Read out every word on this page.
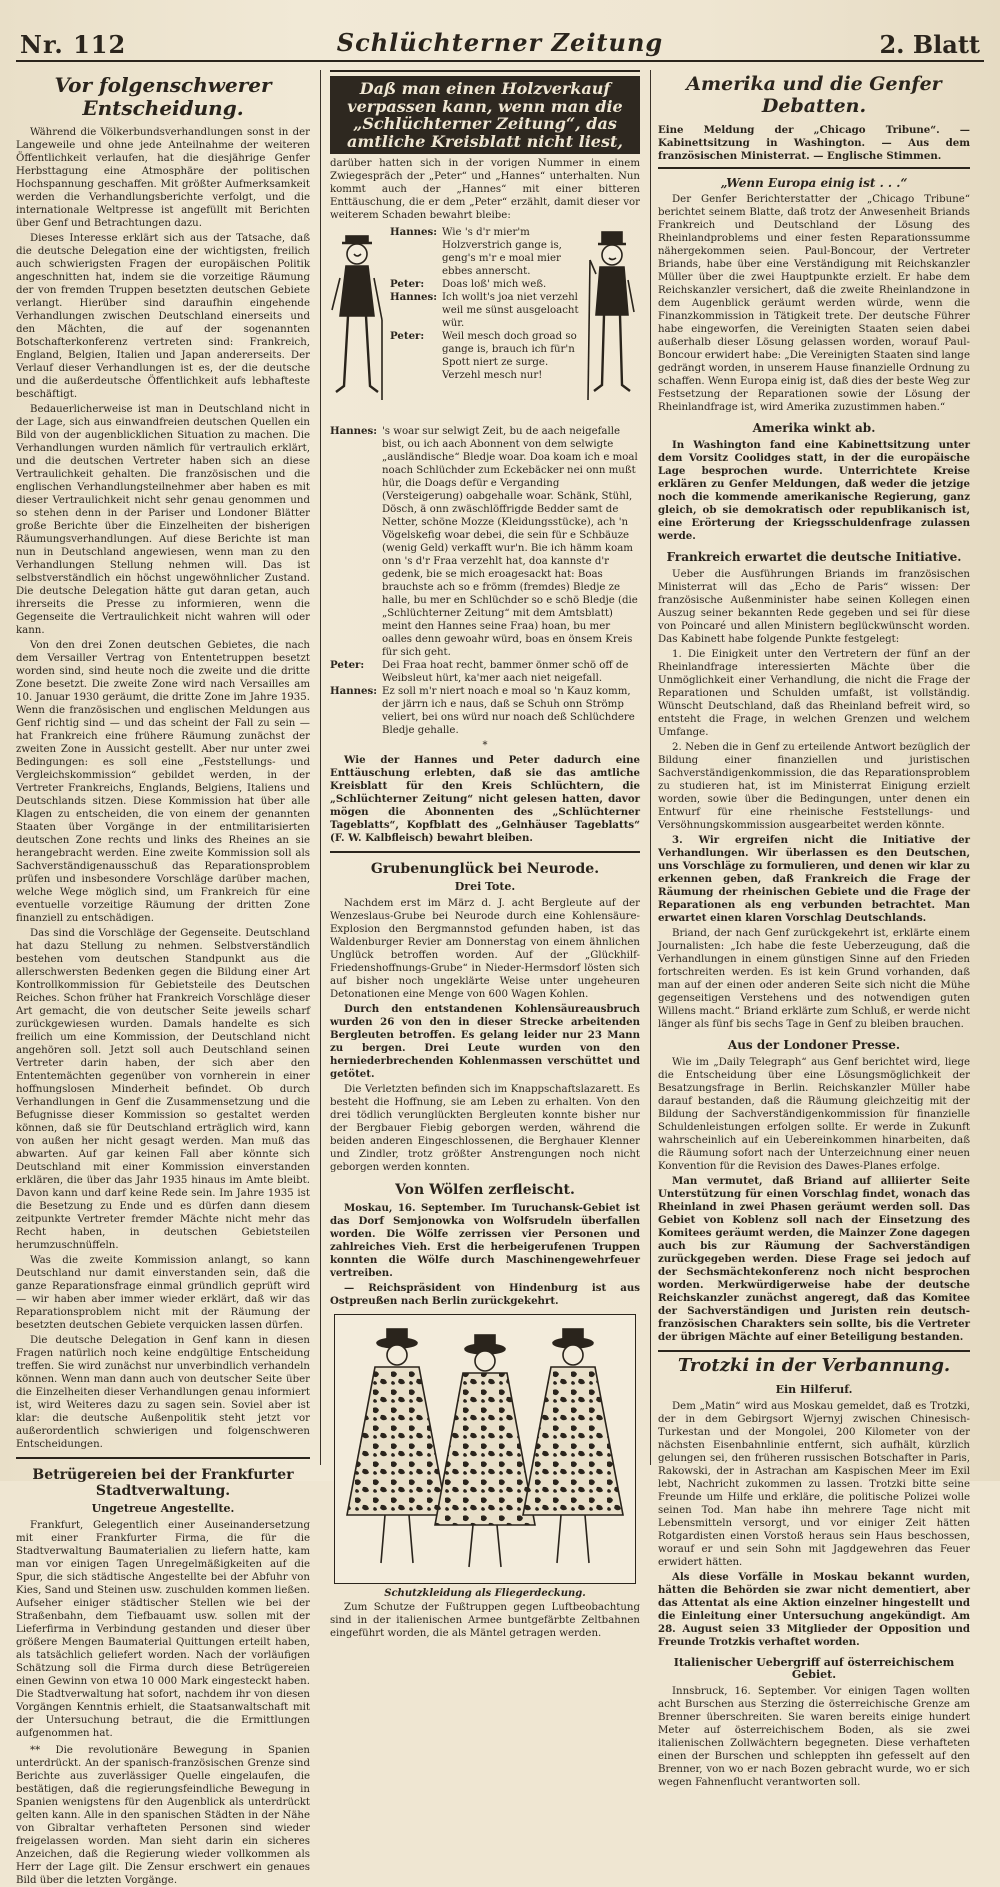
Nr. 112	Schlüchterner Zeitung	2. Blatt
Vor folgenschwerer Entscheidung.

Während die Völkerbundsverhandlungen sonst in der Langeweile und ohne jede Anteilnahme der weiteren Öffentlichkeit verlaufen, hat die diesjährige Genfer Herbsttagung eine Atmosphäre der politischen Hochspannung geschaffen. Mit größter Aufmerksamkeit werden die Verhandlungsberichte verfolgt, und die internationale Weltpresse ist angefüllt mit Berichten über Genf und Betrachtungen dazu.

Dieses Interesse erklärt sich aus der Tatsache, daß die deutsche Delegation eine der wichtigsten, freilich auch schwierigsten Fragen der europäischen Politik angeschnitten hat, indem sie die vorzeitige Räumung der von fremden Truppen besetzten deutschen Gebiete verlangt. Hierüber sind daraufhin eingehende Verhandlungen zwischen Deutschland einerseits und den Mächten, die auf der sogenannten Botschafterkonferenz vertreten sind: Frankreich, England, Belgien, Italien und Japan andererseits. Der Verlauf dieser Verhandlungen ist es, der die deutsche und die außerdeutsche Öffentlichkeit aufs lebhafteste beschäftigt.

Bedauerlicherweise ist man in Deutschland nicht in der Lage, sich aus einwandfreien deutschen Quellen ein Bild von der augenblicklichen Situation zu machen. Die Verhandlungen wurden nämlich für vertraulich erklärt, und die deutschen Vertreter haben sich an diese Vertraulichkeit gehalten. Die französischen und die englischen Verhandlungsteilnehmer aber haben es mit dieser Vertraulichkeit nicht sehr genau genommen und so stehen denn in der Pariser und Londoner Blätter große Berichte über die Einzelheiten der bisherigen Räumungsverhandlungen. Auf diese Berichte ist man nun in Deutschland angewiesen, wenn man zu den Verhandlungen Stellung nehmen will. Das ist selbstverständlich ein höchst ungewöhnlicher Zustand. Die deutsche Delegation hätte gut daran getan, auch ihrerseits die Presse zu informieren, wenn die Gegenseite die Vertraulichkeit nicht wahren will oder kann.

Von den drei Zonen deutschen Gebietes, die nach dem Versailler Vertrag von Ententetruppen besetzt worden sind, sind heute noch die zweite und die dritte Zone besetzt. Die zweite Zone wird nach Versailles am 10. Januar 1930 geräumt, die dritte Zone im Jahre 1935. Wenn die französischen und englischen Meldungen aus Genf richtig sind — und das scheint der Fall zu sein — hat Frankreich eine frühere Räumung zunächst der zweiten Zone in Aussicht gestellt. Aber nur unter zwei Bedingungen: es soll eine „Feststellungs- und Vergleichskommission“ gebildet werden, in der Vertreter Frankreichs, Englands, Belgiens, Italiens und Deutschlands sitzen. Diese Kommission hat über alle Klagen zu entscheiden, die von einem der genannten Staaten über Vorgänge in der entmilitarisierten deutschen Zone rechts und links des Rheines an sie herangebracht werden. Eine zweite Kommission soll als Sachverständigenausschuß das Reparationsproblem prüfen und insbesondere Vorschläge darüber machen, welche Wege möglich sind, um Frankreich für eine eventuelle vorzeitige Räumung der dritten Zone finanziell zu entschädigen.

Das sind die Vorschläge der Gegenseite. Deutschland hat dazu Stellung zu nehmen. Selbstverständlich bestehen vom deutschen Standpunkt aus die allerschwersten Bedenken gegen die Bildung einer Art Kontrollkommission für Gebietsteile des Deutschen Reiches. Schon früher hat Frankreich Vorschläge dieser Art gemacht, die von deutscher Seite jeweils scharf zurückgewiesen wurden. Damals handelte es sich freilich um eine Kommission, der Deutschland nicht angehören soll. Jetzt soll auch Deutschland seinen Vertreter darin haben, der sich aber den Ententemächten gegenüber von vornherein in einer hoffnungslosen Minderheit befindet. Ob durch Verhandlungen in Genf die Zusammensetzung und die Befugnisse dieser Kommission so gestaltet werden können, daß sie für Deutschland erträglich wird, kann von außen her nicht gesagt werden. Man muß das abwarten. Auf gar keinen Fall aber könnte sich Deutschland mit einer Kommission einverstanden erklären, die über das Jahr 1935 hinaus im Amte bleibt. Davon kann und darf keine Rede sein. Im Jahre 1935 ist die Besetzung zu Ende und es dürfen dann diesem zeitpunkte Vertreter fremder Mächte nicht mehr das Recht haben, in deutschen Gebietsteilen herumzuschnüffeln.

Was die zweite Kommission anlangt, so kann Deutschland nur damit einverstanden sein, daß die ganze Reparationsfrage einmal gründlich geprüft wird — wir haben aber immer wieder erklärt, daß wir das Reparationsproblem nicht mit der Räumung der besetzten deutschen Gebiete verquicken lassen dürfen.

Die deutsche Delegation in Genf kann in diesen Fragen natürlich noch keine endgültige Entscheidung treffen. Sie wird zunächst nur unverbindlich verhandeln können. Wenn man dann auch von deutscher Seite über die Einzelheiten dieser Verhandlungen genau informiert ist, wird Weiteres dazu zu sagen sein. Soviel aber ist klar: die deutsche Außenpolitik steht jetzt vor außerordentlich schwierigen und folgenschweren Entscheidungen.

Betrügereien bei der Frankfurter Stadtverwaltung.
Ungetreue Angestellte.

Frankfurt, Gelegentlich einer Auseinandersetzung mit einer Frankfurter Firma, die für die Stadtverwaltung Baumaterialien zu liefern hatte, kam man vor einigen Tagen Unregelmäßigkeiten auf die Spur, die sich städtische Angestellte bei der Abfuhr von Kies, Sand und Steinen usw. zuschulden kommen ließen. Aufseher einiger städtischer Stellen wie bei der Straßenbahn, dem Tiefbauamt usw. sollen mit der Lieferfirma in Verbindung gestanden und dieser über größere Mengen Baumaterial Quittungen erteilt haben, als tatsächlich geliefert worden. Nach der vorläufigen Schätzung soll die Firma durch diese Betrügereien einen Gewinn von etwa 10 000 Mark eingesteckt haben. Die Stadtverwaltung hat sofort, nachdem ihr von diesen Vorgängen Kenntnis erhielt, die Staatsanwaltschaft mit der Untersuchung betraut, die die Ermittlungen aufgenommen hat.

** Die revolutionäre Bewegung in Spanien unterdrückt. An der spanisch-französischen Grenze sind Berichte aus zuverlässiger Quelle eingelaufen, die bestätigen, daß die regierungsfeindliche Bewegung in Spanien wenigstens für den Augenblick als unterdrückt gelten kann. Alle in den spanischen Städten in der Nähe von Gibraltar verhafteten Personen sind wieder freigelassen worden. Man sieht darin ein sicheres Anzeichen, daß die Regierung wieder vollkommen als Herr der Lage gilt. Die Zensur erschwert ein genaues Bild über die letzten Vorgänge.

Daß man einen Holzverkauf verpassen kann, wenn man die „Schlüchterner Zeitung“, das amtliche Kreisblatt nicht liest,

darüber hatten sich in der vorigen Nummer in einem Zwiegespräch der „Peter“ und „Hannes“ unterhalten. Nun kommt auch der „Hannes“ mit einer bitteren Enttäuschung, die er dem „Peter“ erzählt, damit dieser vor weiterem Schaden bewahrt bleibe:

Hannes: Wie 's d'r mier'm Holzverstrich gange is, geng's m'r e moal mier ebbes annerscht.
Peter:	Doas loß' mich weß.
Hannes: Ich wollt's joa niet verzehl weil me sünst ausgeloacht wür.
Peter:	Weil mesch doch groad so gange is, brauch ich für'n Spott niert ze surge. Verzehl mesch nur!
Hannes: 's woar sur selwigt Zeit, bu de aach neigefalle bist, ou ich aach Abonnent von dem selwigte „ausländische“ Bledje woar. Doa koam ich e moal noach Schlüchder zum Eckebäcker nei onn mußt hür, die Doags defür e Verganding (Versteigerung) oabgehalle woar. Schänk, Stühl, Dösch, ä onn zwäschlöffrigde Bedder samt de Netter, schöne Mozze (Kleidungsstücke), ach 'n Vögelskefig woar debei, die sein für e Schbäuze (wenig Geld) verkafft wur'n. Bie ich hämm koam onn 's d'r Fraa verzehlt hat, doa kannste d'r gedenk, bie se mich eroagesackt hat: Boas brauchste ach so e frömm (fremdes) Bledje ze halle, bu mer en Schlüchder so e schö Bledje (die „Schlüchterner Zeitung“ mit dem Amtsblatt) meint den Hannes seine Fraa) hoan, bu mer oalles denn gewoahr würd, boas en önsem Kreis für sich geht.
Peter:	Dei Fraa hoat recht, bammer önmer schö off de Weibsleut hürt, ka'mer aach niet neigefall.
Hannes: Ez soll m'r niert noach e moal so 'n Kauz komm, der järrn ich e naus, daß se Schuh onn Strömp veliert, bei ons würd nur noach deß Schlüchdere Bledje gehalle.
*

Wie der Hannes und Peter dadurch eine Enttäuschung erlebten, daß sie das amtliche Kreisblatt für den Kreis Schlüchtern, die „Schlüchterner Zeitung“ nicht gelesen hatten, davor mögen die Abonnenten des „Schlüchterner Tageblatts“, Kopfblatt des „Gelnhäuser Tageblatts“ (F. W. Kalbfleisch) bewahrt bleiben.

Grubenunglück bei Neurode.
Drei Tote.

Nachdem erst im März d. J. acht Bergleute auf der Wenzeslaus-Grube bei Neurode durch eine Kohlensäure-Explosion den Bergmannstod gefunden haben, ist das Waldenburger Revier am Donnerstag von einem ähnlichen Unglück betroffen worden. Auf der „Glückhilf-Friedenshoffnungs-Grube“ in Nieder-Hermsdorf lösten sich auf bisher noch ungeklärte Weise unter ungeheuren Detonationen eine Menge von 600 Wagen Kohlen.

Durch den entstandenen Kohlensäureausbruch wurden 26 von den in dieser Strecke arbeitenden Bergleuten betroffen. Es gelang leider nur 23 Mann zu bergen. Drei Leute wurden von den herniederbrechenden Kohlenmassen verschüttet und getötet.

Die Verletzten befinden sich im Knappschaftslazarett. Es besteht die Hoffnung, sie am Leben zu erhalten. Von den drei tödlich verunglückten Bergleuten konnte bisher nur der Bergbauer Fiebig geborgen werden, während die beiden anderen Eingeschlossenen, die Berghauer Klenner und Zindler, trotz größter Anstrengungen noch nicht geborgen werden konnten.

Von Wölfen zerfleischt.

Moskau, 16. September. Im Turuchansk-Gebiet ist das Dorf Semjonowka von Wolfsrudeln überfallen worden. Die Wölfe zerrissen vier Personen und zahlreiches Vieh. Erst die herbeigerufenen Truppen konnten die Wölfe durch Maschinengewehrfeuer vertreiben.

— Reichspräsident von Hindenburg ist aus Ostpreußen nach Berlin zurückgekehrt.

Schutzkleidung als Fliegerdeckung.

Zum Schutze der Fußtruppen gegen Luftbeobachtung sind in der italienischen Armee buntgefärbte Zeltbahnen eingeführt worden, die als Mäntel getragen werden.

Amerika und die Genfer Debatten.

Eine Meldung der „Chicago Tribune“. — Kabinettsitzung in Washington. — Aus dem französischen Ministerrat. — Englische Stimmen.

„Wenn Europa einig ist . . .“

Der Genfer Berichterstatter der „Chicago Tribune“ berichtet seinem Blatte, daß trotz der Anwesenheit Briands Frankreich und Deutschland der Lösung des Rheinlandproblems und einer festen Reparationssumme nähergekommen seien. Paul-Boncour, der Vertreter Briands, habe über eine Verständigung mit Reichskanzler Müller über die zwei Hauptpunkte erzielt. Er habe dem Reichskanzler versichert, daß die zweite Rheinlandzone in dem Augenblick geräumt werden würde, wenn die Finanzkommission in Tätigkeit trete. Der deutsche Führer habe eingeworfen, die Vereinigten Staaten seien dabei außerhalb dieser Lösung gelassen worden, worauf Paul-Boncour erwidert habe: „Die Vereinigten Staaten sind lange gedrängt worden, in unserem Hause finanzielle Ordnung zu schaffen. Wenn Europa einig ist, daß dies der beste Weg zur Festsetzung der Reparationen sowie der Lösung der Rheinlandfrage ist, wird Amerika zuzustimmen haben.“

Amerika winkt ab.

In Washington fand eine Kabinettsitzung unter dem Vorsitz Coolidges statt, in der die europäische Lage besprochen wurde. Unterrichtete Kreise erklären zu Genfer Meldungen, daß weder die jetzige noch die kommende amerikanische Regierung, ganz gleich, ob sie demokratisch oder republikanisch ist, eine Erörterung der Kriegsschuldenfrage zulassen werde.

Frankreich erwartet die deutsche Initiative.

Ueber die Ausführungen Briands im französischen Ministerrat will das „Echo de Paris“ wissen: Der französische Außenminister habe seinen Kollegen einen Auszug seiner bekannten Rede gegeben und sei für diese von Poincaré und allen Ministern beglückwünscht worden. Das Kabinett habe folgende Punkte festgelegt:

1. Die Einigkeit unter den Vertretern der fünf an der Rheinlandfrage interessierten Mächte über die Unmöglichkeit einer Verhandlung, die nicht die Frage der Reparationen und Schulden umfaßt, ist vollständig. Wünscht Deutschland, daß das Rheinland befreit wird, so entsteht die Frage, in welchen Grenzen und welchem Umfange.

2. Neben die in Genf zu erteilende Antwort bezüglich der Bildung einer finanziellen und juristischen Sachverständigenkommission, die das Reparationsproblem zu studieren hat, ist im Ministerrat Einigung erzielt worden, sowie über die Bedingungen, unter denen ein Entwurf für eine rheinische Feststellungs- und Versöhnungskommission ausgearbeitet werden könnte.

3. Wir ergreifen nicht die Initiative der Verhandlungen. Wir überlassen es den Deutschen, uns Vorschläge zu formulieren, und denen wir klar zu erkennen geben, daß Frankreich die Frage der Räumung der rheinischen Gebiete und die Frage der Reparationen als eng verbunden betrachtet. Man erwartet einen klaren Vorschlag Deutschlands.

Briand, der nach Genf zurückgekehrt ist, erklärte einem Journalisten: „Ich habe die feste Ueberzeugung, daß die Verhandlungen in einem günstigen Sinne auf den Frieden fortschreiten werden. Es ist kein Grund vorhanden, daß man auf der einen oder anderen Seite sich nicht die Mühe gegenseitigen Verstehens und des notwendigen guten Willens macht.“ Briand erklärte zum Schluß, er werde nicht länger als fünf bis sechs Tage in Genf zu bleiben brauchen.

Aus der Londoner Presse.

Wie im „Daily Telegraph“ aus Genf berichtet wird, liege die Entscheidung über eine Lösungsmöglichkeit der Besatzungsfrage in Berlin. Reichskanzler Müller habe darauf bestanden, daß die Räumung gleichzeitig mit der Bildung der Sachverständigenkommission für finanzielle Schuldenleistungen erfolgen sollte. Er werde in Zukunft wahrscheinlich auf ein Uebereinkommen hinarbeiten, daß die Räumung sofort nach der Unterzeichnung einer neuen Konvention für die Revision des Dawes-Planes erfolge.

Man vermutet, daß Briand auf alliierter Seite Unterstützung für einen Vorschlag findet, wonach das Rheinland in zwei Phasen geräumt werden soll. Das Gebiet von Koblenz soll nach der Einsetzung des Komitees geräumt werden, die Mainzer Zone dagegen auch bis zur Räumung der Sachverständigen zurückgegeben werden. Diese Frage sei jedoch auf der Sechsmächtekonferenz noch nicht besprochen worden. Merkwürdigerweise habe der deutsche Reichskanzler zunächst angeregt, daß das Komitee der Sachverständigen und Juristen rein deutsch-französischen Charakters sein sollte, bis die Vertreter der übrigen Mächte auf einer Beteiligung bestanden.

Trotzki in der Verbannung.
Ein Hilferuf.

Dem „Matin“ wird aus Moskau gemeldet, daß es Trotzki, der in dem Gebirgsort Wjernyj zwischen Chinesisch-Turkestan und der Mongolei, 200 Kilometer von der nächsten Eisenbahnlinie entfernt, sich aufhält, kürzlich gelungen sei, den früheren russischen Botschafter in Paris, Rakowski, der in Astrachan am Kaspischen Meer im Exil lebt, Nachricht zukommen zu lassen. Trotzki bitte seine Freunde um Hilfe und erkläre, die politische Polizei wolle seinen Tod. Man habe ihn mehrere Tage nicht mit Lebensmitteln versorgt, und vor einiger Zeit hätten Rotgardisten einen Vorstoß heraus sein Haus beschossen, worauf er und sein Sohn mit Jagdgewehren das Feuer erwidert hätten.

Als diese Vorfälle in Moskau bekannt wurden, hätten die Behörden sie zwar nicht dementiert, aber das Attentat als eine Aktion einzelner hingestellt und die Einleitung einer Untersuchung angekündigt. Am 28. August seien 33 Mitglieder der Opposition und Freunde Trotzkis verhaftet worden.

Italienischer Uebergriff auf österreichischem Gebiet.

Innsbruck, 16. September. Vor einigen Tagen wollten acht Burschen aus Sterzing die österreichische Grenze am Brenner überschreiten. Sie waren bereits einige hundert Meter auf österreichischem Boden, als sie zwei italienischen Zollwächtern begegneten. Diese verhafteten einen der Burschen und schleppten ihn gefesselt auf den Brenner, von wo er nach Bozen gebracht wurde, wo er sich wegen Fahnenflucht verantworten soll.
